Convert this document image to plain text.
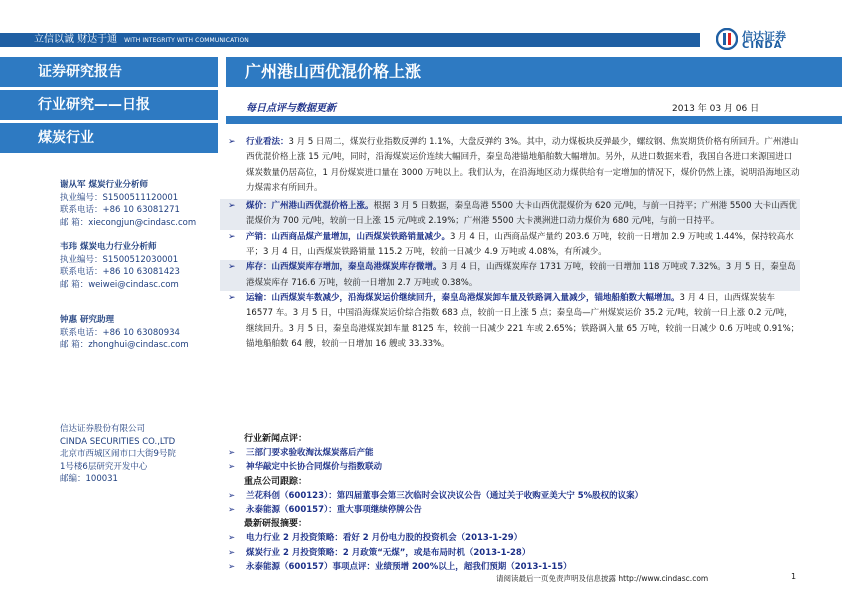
立信以诚 财达于通 WITH INTEGRITY WITH COMMUNICATION	信达证券
CINDA
证券研究报告
行业研究——日报
煤炭行业
谢从军 煤炭行业分析师
执业编号：S1500511120001
联系电话：+86 10 63081271
邮 箱：xiecongjun@cindasc.com
韦玮 煤炭电力行业分析师
执业编号：S1500512030001
联系电话：+86 10 63081423
邮 箱：weiwei@cindasc.com
钟惠 研究助理
联系电话：+86 10 63080934
邮 箱：zhonghui@cindasc.com
信达证券股份有限公司
CINDA SECURITIES CO.,LTD
北京市西城区闹市口大街9号院
1号楼6层研究开发中心
邮编：100031
广州港山西优混价格上涨
每日点评与数据更新	2013 年 03 月 06 日
➢ 行业看法：3 月 5 日周二，煤炭行业指数反弹约 1.1%，大盘反弹约 3%。其中，动力煤板块反弹最少，螺纹钢、焦炭期货价格有所回升。广州港山西优混价格上涨 15 元/吨，同时，沿海煤炭运价连续大幅回升，秦皇岛港锚地船舶数大幅增加。另外，从进口数据来看，我国自各进口来源国进口煤炭数量仍居高位，1 月份煤炭进口量在 3000 万吨以上。我们认为，在沿海地区动力煤供给有一定增加的情况下，煤价仍然上涨，说明沿海地区动力煤需求有所回升。
➢ 煤价：广州港山西优混价格上涨。根据 3 月 5 日数据，秦皇岛港 5500 大卡山西优混煤价为 620 元/吨，与前一日持平；广州港 5500 大卡山西优混煤价为 700 元/吨，较前一日上涨 15 元/吨或 2.19%；广州港 5500 大卡澳洲进口动力煤价为 680 元/吨，与前一日持平。
➢ 产销：山西商品煤产量增加，山西煤炭铁路销量减少。3 月 4 日，山西商品煤产量约 203.6 万吨，较前一日增加 2.9 万吨或 1.44%，保持较高水平；3 月 4 日，山西煤炭铁路销量 115.2 万吨，较前一日减少 4.9 万吨或 4.08%，有所减少。
➢ 库存：山西煤炭库存增加，秦皇岛港煤炭库存微增。3 月 4 日，山西煤炭库存 1731 万吨，较前一日增加 118 万吨或 7.32%。3 月 5 日，秦皇岛港煤炭库存 716.6 万吨，较前一日增加 2.7 万吨或 0.38%。
➢ 运输：山西煤炭车数减少，沿海煤炭运价继续回升，秦皇岛港煤炭卸车量及铁路调入量减少，锚地船舶数大幅增加。3 月 4 日，山西煤炭装车 16577 车。3 月 5 日，中国沿海煤炭运价综合指数 683 点，较前一日上涨 5 点；秦皇岛—广州煤炭运价 35.2 元/吨，较前一日上涨 0.2 元/吨，继续回升。3 月 5 日，秦皇岛港煤炭卸车量 8125 车，较前一日减少 221 车或 2.65%；铁路调入量 65 万吨，较前一日减少 0.6 万吨或 0.91%；锚地船舶数 64 艘，较前一日增加 16 艘或 33.33%。
行业新闻点评：
➢ 三部门要求验收淘汰煤炭落后产能
➢ 神华敲定中长协合同煤价与指数联动
重点公司跟踪：
➢ 兰花科创（600123）：第四届董事会第三次临时会议决议公告（通过关于收购亚美大宁 5%股权的议案）
➢ 永泰能源（600157）：重大事项继续停牌公告
最新研报摘要：
➢ 电力行业 2 月投资策略：看好 2 月份电力股的投资机会（2013-1-29）
➢ 煤炭行业 2 月投资策略：2 月政策“无煤”，或是布局时机（2013-1-28）
➢ 永泰能源（600157）事项点评：业绩预增 200%以上，超我们预期（2013-1-15）
请阅读最后一页免责声明及信息披露 http://www.cindasc.com	1
